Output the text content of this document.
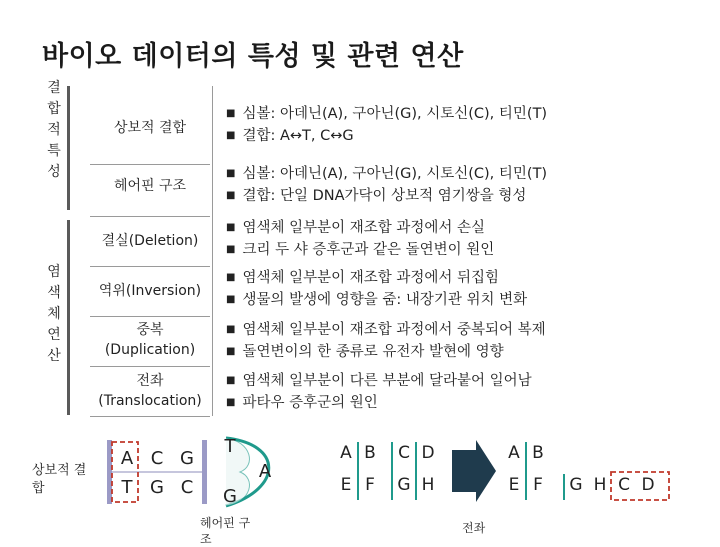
바이오 데이터의 특성 및 관련 연산
결
합
적
특
성
염
색
체
연
산
상보적 결합
■ 심볼: 아데닌(A), 구아닌(G), 시토신(C), 티민(T)
■ 결합: A↔T, C↔G
헤어핀 구조
■ 심볼: 아데닌(A), 구아닌(G), 시토신(C), 티민(T)
■ 결합: 단일 DNA가닥이 상보적 염기쌍을 형성
결실(Deletion)
■ 염색체 일부분이 재조합 과정에서 손실
■ 크리 두 샤 증후군과 같은 돌연변이 원인
역위(Inversion)
■ 염색체 일부분이 재조합 과정에서 뒤집힘
■ 생물의 발생에 영향을 줌: 내장기관 위치 변화
중복
(Duplication)
■ 염색체 일부분이 재조합 과정에서 중복되어 복제
■ 돌연변이의 한 종류로 유전자 발현에 영향
전좌
(Translocation)
■ 염색체 일부분이 다른 부분에 달라붙어 일어남
■ 파타우 증후군의 원인
상보적 결
합
A C G
T G C
T
A
G
헤어핀 구
조
A B	C D
E F	G H
A B
E F	G H C D
전좌
